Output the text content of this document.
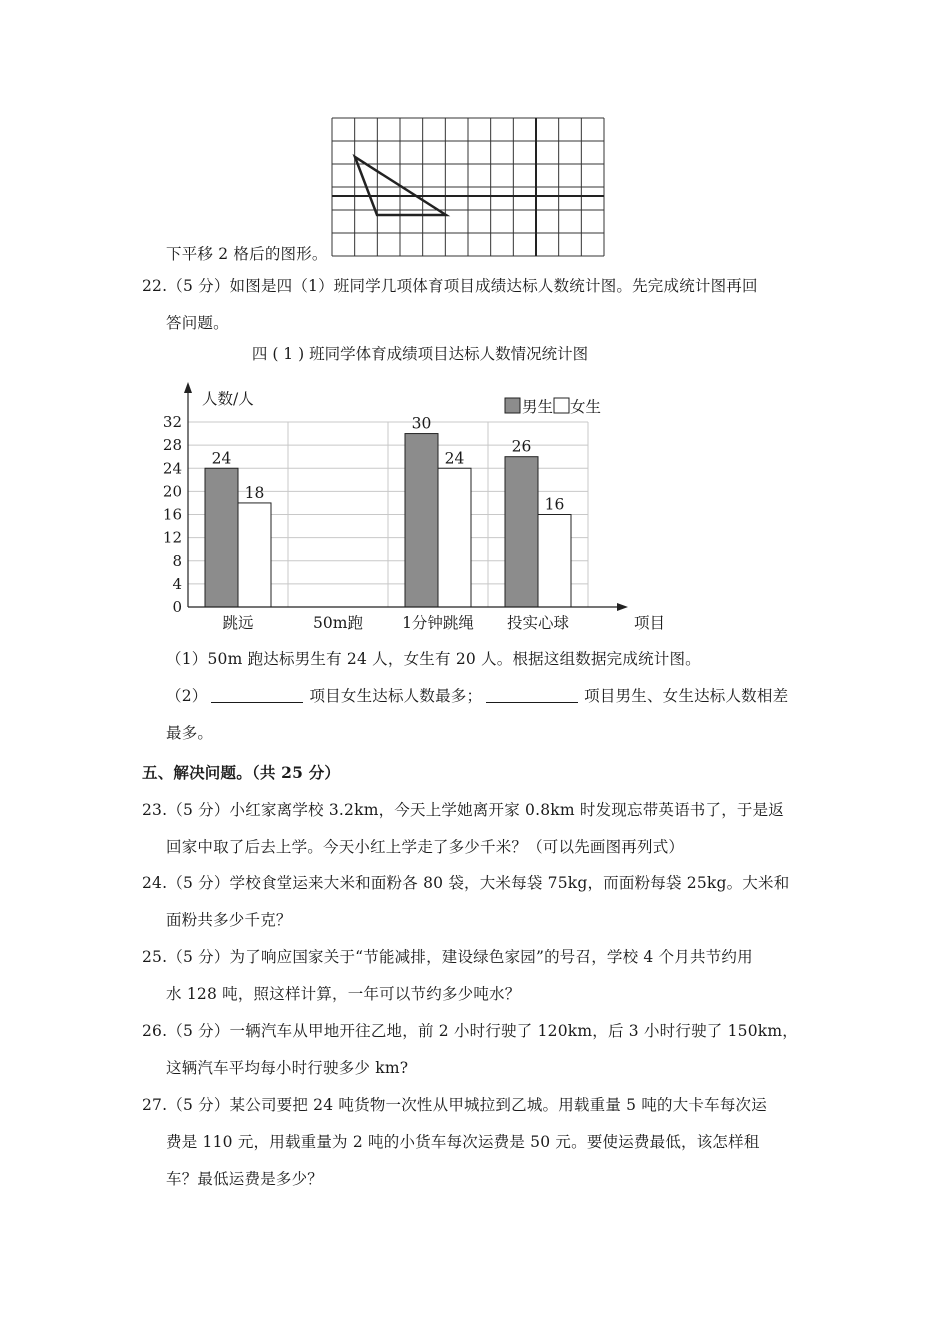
下平移 2 格后的图形。
22.（5 分）如图是四（1）班同学几项体育项目成绩达标人数统计图。先完成统计图再回
答问题。
四 ( 1 ) 班同学体育成绩项目达标人数情况统计图
24
18
30
24
26
16
0
4
8
12
16
20
24
28
32
跳远	50m跑	1分钟跳绳 投实心球
人数/人
项目
男生 女生
（1）50m 跑达标男生有 24 人，女生有 20 人。根据这组数据完成统计图。
（2）	项目女生达标人数最多；	项目男生、女生达标人数相差
最多。
五、解决问题。（共 25 分）
23.（5 分）小红家离学校 3.2km，今天上学她离开家 0.8km 时发现忘带英语书了，于是返
回家中取了后去上学。今天小红上学走了多少千米？（可以先画图再列式）
24.（5 分）学校食堂运来大米和面粉各 80 袋，大米每袋 75kg，而面粉每袋 25kg。大米和
面粉共多少千克？
25.（5 分）为了响应国家关于“节能减排，建设绿色家园”的号召，学校 4 个月共节约用
水 128 吨，照这样计算，一年可以节约多少吨水？
26.（5 分）一辆汽车从甲地开往乙地，前 2 小时行驶了 120km，后 3 小时行驶了 150km，
这辆汽车平均每小时行驶多少 km?
27.（5 分）某公司要把 24 吨货物一次性从甲城拉到乙城。用载重量 5 吨的大卡车每次运
费是 110 元，用载重量为 2 吨的小货车每次运费是 50 元。要使运费最低，该怎样租
车？最低运费是多少？
